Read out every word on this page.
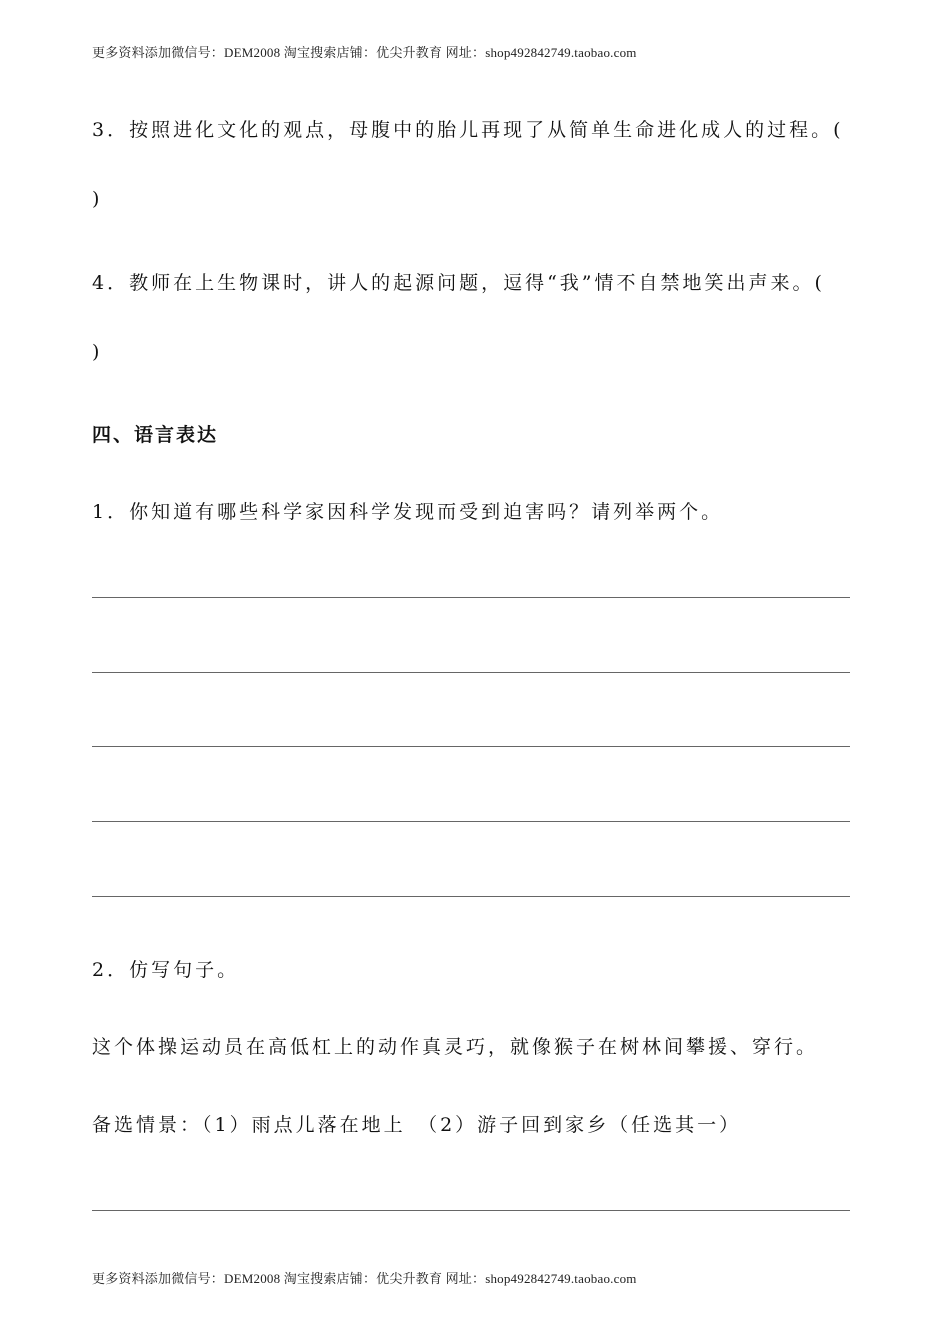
更多资料添加微信号：DEM2008 淘宝搜索店铺：优尖升教育 网址：shop492842749.taobao.com
3．按照进化文化的观点，母腹中的胎儿再现了从简单生命进化成人的过程。(
)
4．教师在上生物课时，讲人的起源问题，逗得“我”情不自禁地笑出声来。(
)
四、语言表达
1．你知道有哪些科学家因科学发现而受到迫害吗？请列举两个。
2．仿写句子。
这个体操运动员在高低杠上的动作真灵巧，就像猴子在树林间攀援、穿行。
备选情景：（1）雨点儿落在地上　（2）游子回到家乡（任选其一）
更多资料添加微信号：DEM2008 淘宝搜索店铺：优尖升教育 网址：shop492842749.taobao.com
